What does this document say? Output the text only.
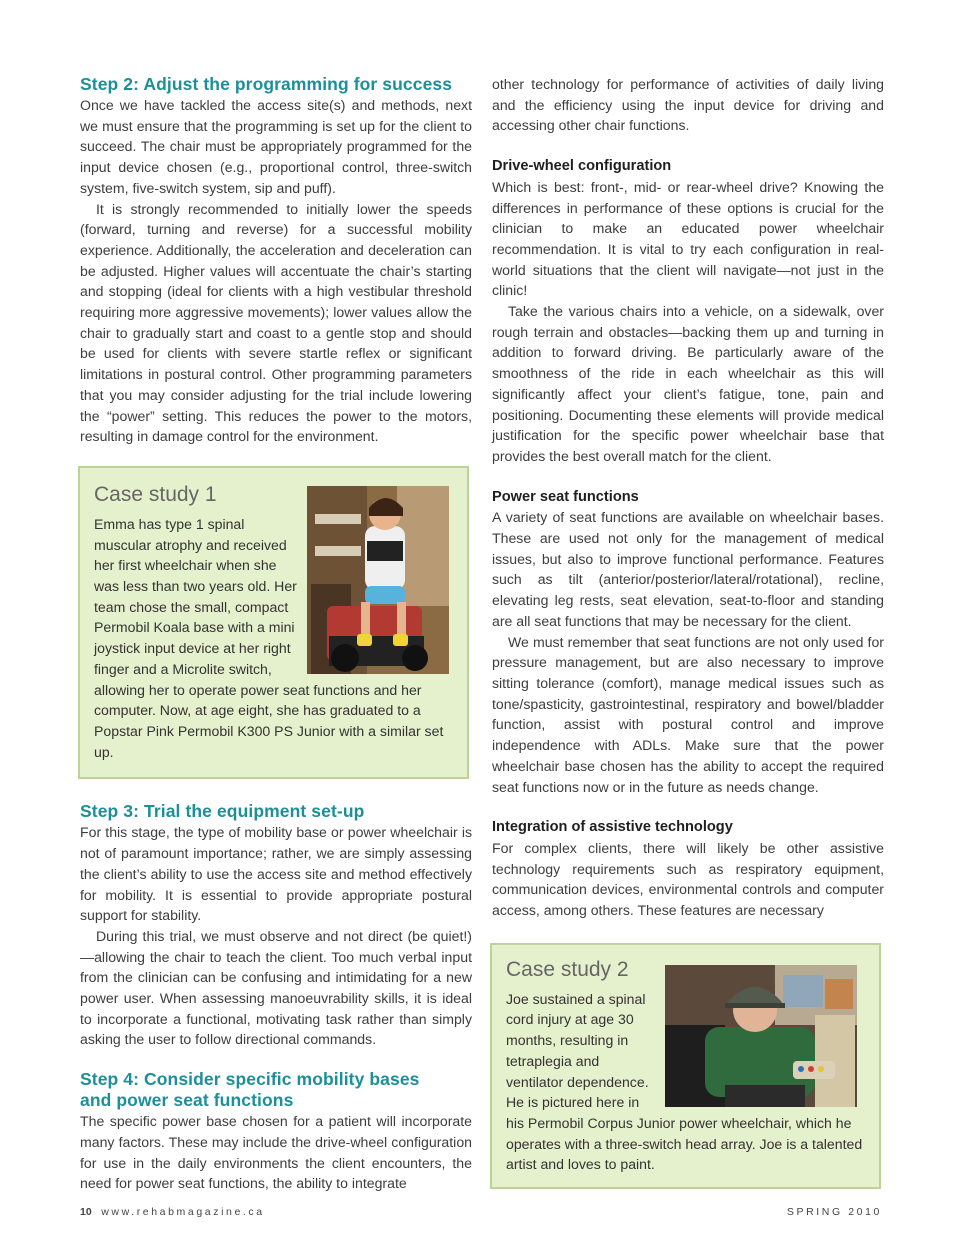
Step 2: Adjust the programming for success

Once we have tackled the access site(s) and methods, next we must ensure that the programming is set up for the client to succeed. The chair must be appropriately programmed for the input device chosen (e.g., proportional control, three-switch system, five-switch system, sip and puff).

It is strongly recommended to initially lower the speeds (forward, turning and reverse) for a successful mobility experience. Additionally, the acceleration and deceleration can be adjusted. Higher values will accentuate the chair’s starting and stopping (ideal for clients with a high vestibular threshold requiring more aggressive movements); lower values allow the chair to gradually start and coast to a gentle stop and should be used for clients with severe startle reflex or significant limitations in postural control. Other programming parameters that you may consider adjusting for the trial include lowering the “power” setting. This reduces the power to the motors, resulting in damage control for the environment.

Case study 1

Emma has type 1 spinal muscular atrophy and received her first wheelchair when she was less than two years old. Her team chose the small, compact Permobil Koala base with a mini joystick input device at her right finger and a Microlite switch, allowing her to operate power seat functions and her computer. Now, at age eight, she has graduated to a Popstar Pink Permobil K300 PS Junior with a similar set up.

Step 3: Trial the equipment set-up

For this stage, the type of mobility base or power wheelchair is not of paramount importance; rather, we are simply assessing the client’s ability to use the access site and method effectively for mobility. It is essential to provide appropriate postural support for stability.

During this trial, we must observe and not direct (be quiet!)—allowing the chair to teach the client. Too much verbal input from the clinician can be confusing and intimidating for a new power user. When assessing manoeuvrability skills, it is ideal to incorporate a functional, motivating task rather than simply asking the user to follow directional commands.

Step 4: Consider specific mobility bases and power seat functions

The specific power base chosen for a patient will incorporate many factors. These may include the drive-wheel configuration for use in the daily environments the client encounters, the need for power seat functions, the ability to integrate

other technology for performance of activities of daily living and the efficiency using the input device for driving and accessing other chair functions.

Drive-wheel configuration

Which is best: front-, mid- or rear-wheel drive? Knowing the differences in performance of these options is crucial for the clinician to make an educated power wheelchair recommendation. It is vital to try each configuration in real-world situations that the client will navigate—not just in the clinic!

Take the various chairs into a vehicle, on a sidewalk, over rough terrain and obstacles—backing them up and turning in addition to forward driving. Be particularly aware of the smoothness of the ride in each wheelchair as this will significantly affect your client’s fatigue, tone, pain and positioning. Documenting these elements will provide medical justification for the specific power wheelchair base that provides the best overall match for the client.

Power seat functions

A variety of seat functions are available on wheelchair bases. These are used not only for the management of medical issues, but also to improve functional performance. Features such as tilt (anterior/posterior/lateral/rotational), recline, elevating leg rests, seat elevation, seat-to-floor and standing are all seat functions that may be necessary for the client.

We must remember that seat functions are not only used for pressure management, but are also necessary to improve sitting tolerance (comfort), manage medical issues such as tone/spasticity, gastrointestinal, respiratory and bowel/bladder function, assist with postural control and improve independence with ADLs. Make sure that the power wheelchair base chosen has the ability to accept the required seat functions now or in the future as needs change.

Integration of assistive technology

For complex clients, there will likely be other assistive technology requirements such as respiratory equipment, communication devices, environmental controls and computer access, among others. These features are necessary

Case study 2

Joe sustained a spinal cord injury at age 30 months, resulting in tetraplegia and ventilator dependence. He is pictured here in his Permobil Corpus Junior power wheelchair, which he operates with a three-switch head array. Joe is a talented artist and loves to paint.

10 www.rehabmagazine.ca	SPRING 2010
